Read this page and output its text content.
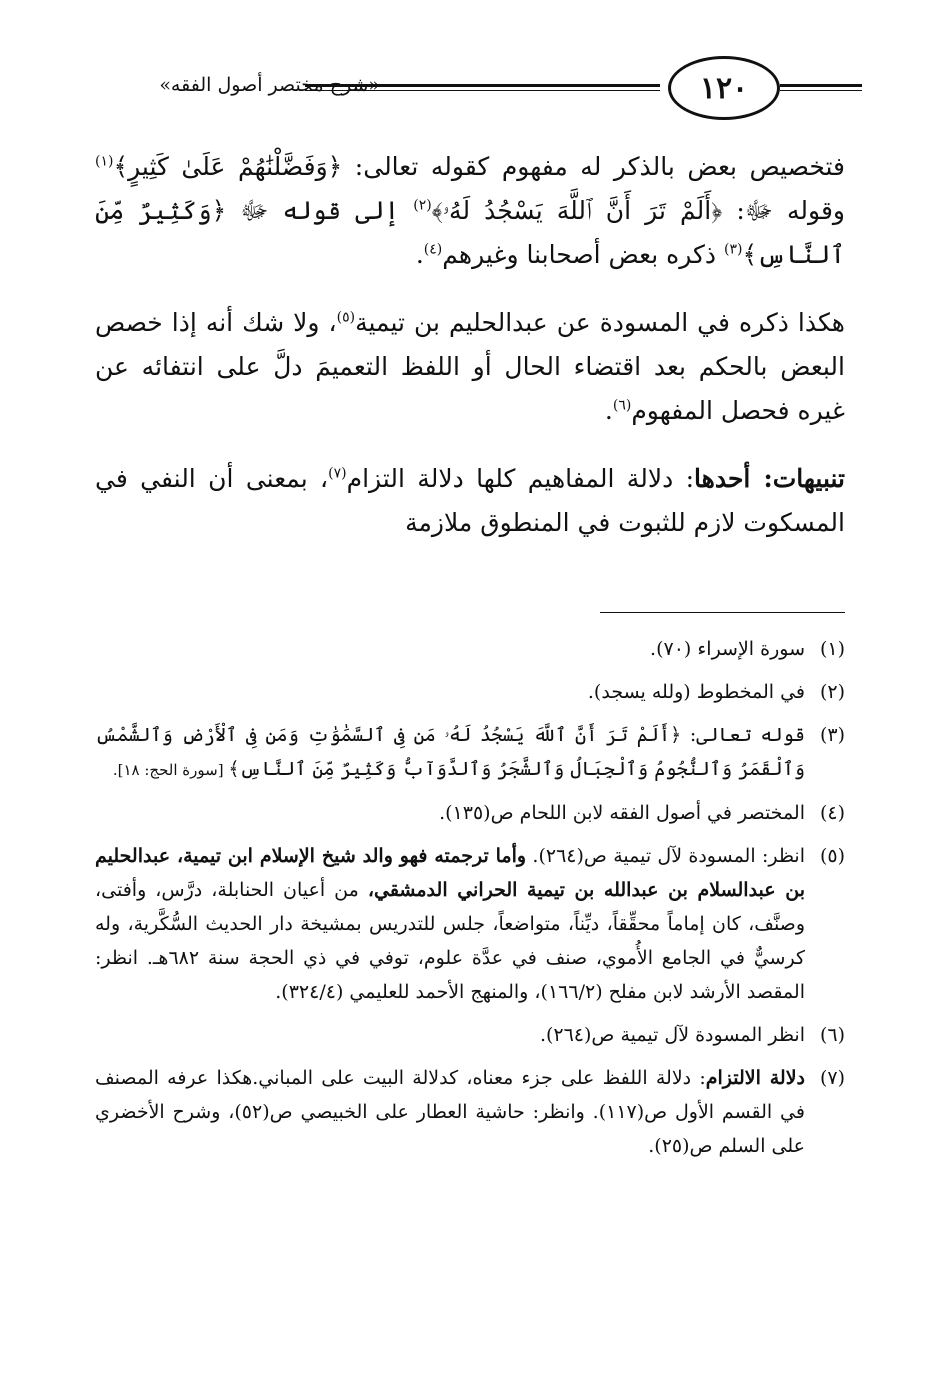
١٢٠
«شرح مختصر أصول الفقه»

فتخصيص بعض بالذكر له مفهوم كقوله تعالى: ﴿وَفَضَّلْنَٰهُمْ عَلَىٰ كَثِيرٍ﴾$^{(١)}$ وقوله ﷻ: ﴿أَلَمْ تَرَ أَنَّ ٱللَّهَ يَسْجُدُ لَهُۥ﴾$^{(٢)}$ إلى قوله ﷻ ﴿وَكَثِيرٌ مِّنَ ٱلنَّاسِ﴾$^{(٣)}$ ذكره بعض أصحابنا وغيرهم$^{(٤)}$.

هكذا ذكره في المسودة عن عبدالحليم بن تيمية$^{(٥)}$، ولا شك أنه إذا خصص البعض بالحكم بعد اقتضاء الحال أو اللفظ التعميمَ دلَّ على انتفائه عن غيره فحصل المفهوم$^{(٦)}$.

تنبيهات: أحدها: دلالة المفاهيم كلها دلالة التزام$^{(٧)}$، بمعنى أن النفي في المسكوت لازم للثبوت في المنطوق ملازمة

(١)
سورة الإسراء (٧٠).
(٢)
في المخطوط (ولله يسجد).
(٣)
قوله تعالى: ﴿أَلَمْ تَرَ أَنَّ ٱللَّهَ يَسْجُدُ لَهُۥ مَن فِى ٱلسَّمَٰوَٰتِ وَمَن فِى ٱلْأَرْضِ وَٱلشَّمْسُ وَٱلْقَمَرُ وَٱلنُّجُومُ وَٱلْجِبَالُ وَٱلشَّجَرُ وَٱلدَّوَآبُّ وَكَثِيرٌ مِّنَ ٱلنَّاسِ﴾ [سورة الحج: ١٨].
(٤)
المختصر في أصول الفقه لابن اللحام ص(١٣٥).
(٥)
انظر: المسودة لآل تيمية ص(٢٦٤). وأما ترجمته فهو والد شيخ الإسلام ابن تيمية، عبدالحليم بن عبدالسلام بن عبدالله بن تيمية الحراني الدمشقي، من أعيان الحنابلة، درَّس، وأفتى، وصنَّف، كان إماماً محقِّقاً، ديِّناً، متواضعاً، جلس للتدريس بمشيخة دار الحديث السُّكَّرية، وله كرسيٌّ في الجامع الأُموي، صنف في عدَّة علوم، توفي في ذي الحجة سنة ٦٨٢هـ. انظر: المقصد الأرشد لابن مفلح (١٦٦/٢)، والمنهج الأحمد للعليمي (٣٢٤/٤).
(٦)
انظر المسودة لآل تيمية ص(٢٦٤).
(٧)
دلالة الالتزام: دلالة اللفظ على جزء معناه، كدلالة البيت على المباني.هكذا عرفه المصنف في القسم الأول ص(١١٧). وانظر: حاشية العطار على الخبيصي ص(٥٢)، وشرح الأخضري على السلم ص(٢٥).
